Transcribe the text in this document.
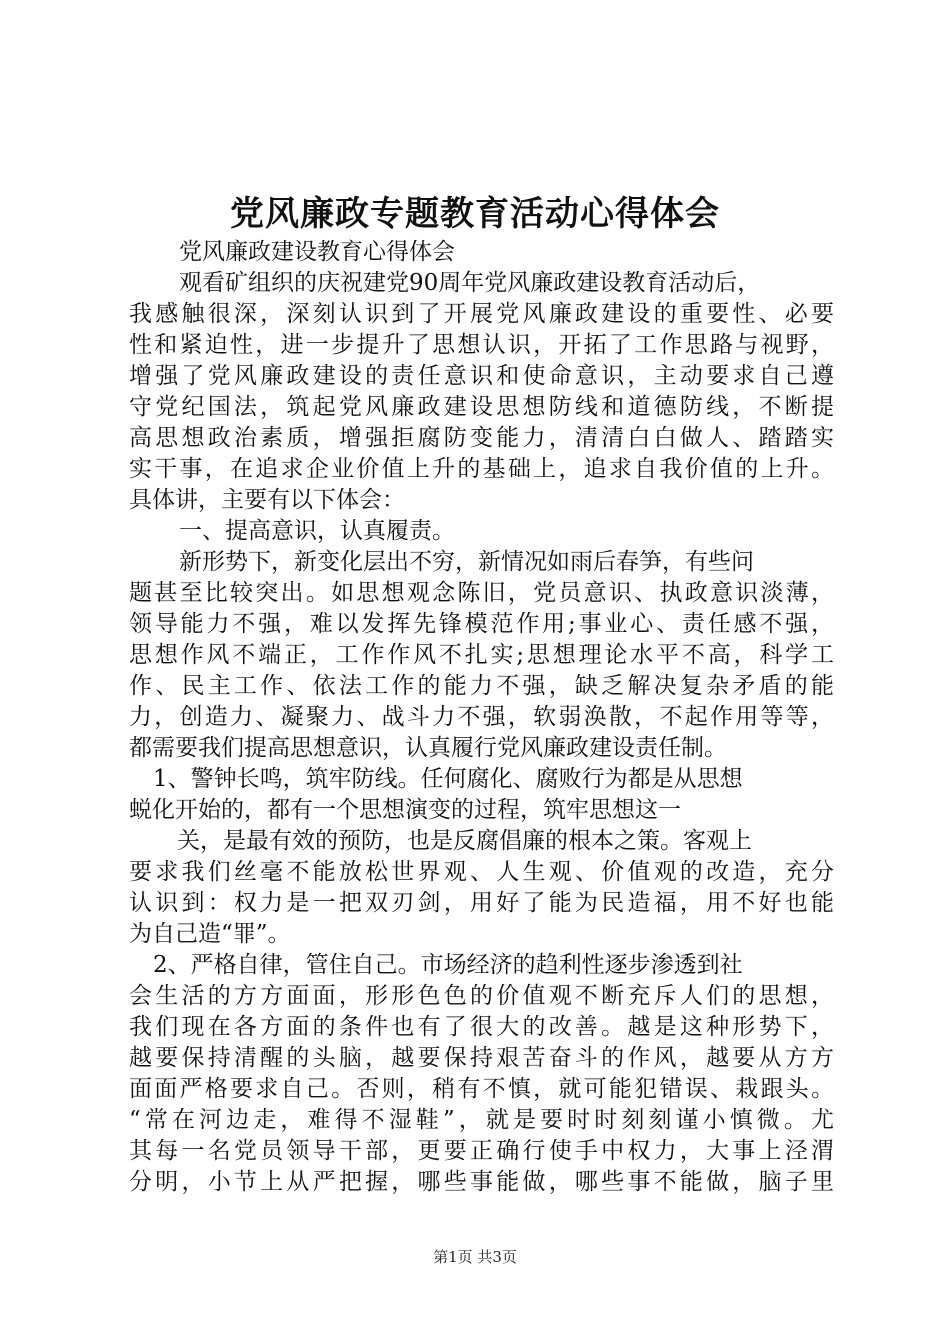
党风廉政专题教育活动心得体会
党风廉政建设教育心得体会
观看矿组织的庆祝建党90周年党风廉政建设教育活动后，
我感触很深，深刻认识到了开展党风廉政建设的重要性、必要
性和紧迫性，进一步提升了思想认识，开拓了工作思路与视野，
增强了党风廉政建设的责任意识和使命意识，主动要求自己遵
守党纪国法，筑起党风廉政建设思想防线和道德防线，不断提
高思想政治素质，增强拒腐防变能力，清清白白做人、踏踏实
实干事，在追求企业价值上升的基础上，追求自我价值的上升。
具体讲，主要有以下体会：
一、提高意识，认真履责。
新形势下，新变化层出不穷，新情况如雨后春笋，有些问
题甚至比较突出。如思想观念陈旧，党员意识、执政意识淡薄，
领导能力不强，难以发挥先锋模范作用;事业心、责任感不强，
思想作风不端正，工作作风不扎实;思想理论水平不高，科学工
作、民主工作、依法工作的能力不强，缺乏解决复杂矛盾的能
力，创造力、凝聚力、战斗力不强，软弱涣散，不起作用等等，
都需要我们提高思想意识，认真履行党风廉政建设责任制。
1、警钟长鸣，筑牢防线。任何腐化、腐败行为都是从思想
蜕化开始的，都有一个思想演变的过程，筑牢思想这一
关，是最有效的预防，也是反腐倡廉的根本之策。客观上
要求我们丝毫不能放松世界观、人生观、价值观的改造，充分
认识到：权力是一把双刃剑，用好了能为民造福，用不好也能
为自己造“罪”。
2、严格自律，管住自己。市场经济的趋利性逐步渗透到社
会生活的方方面面，形形色色的价值观不断充斥人们的思想，
我们现在各方面的条件也有了很大的改善。越是这种形势下，
越要保持清醒的头脑，越要保持艰苦奋斗的作风，越要从方方
面面严格要求自己。否则，稍有不慎，就可能犯错误、栽跟头。
“常在河边走，难得不湿鞋”，就是要时时刻刻谨小慎微。尤
其每一名党员领导干部，更要正确行使手中权力，大事上泾渭
分明，小节上从严把握，哪些事能做，哪些事不能做，脑子里
第1页 共3页
